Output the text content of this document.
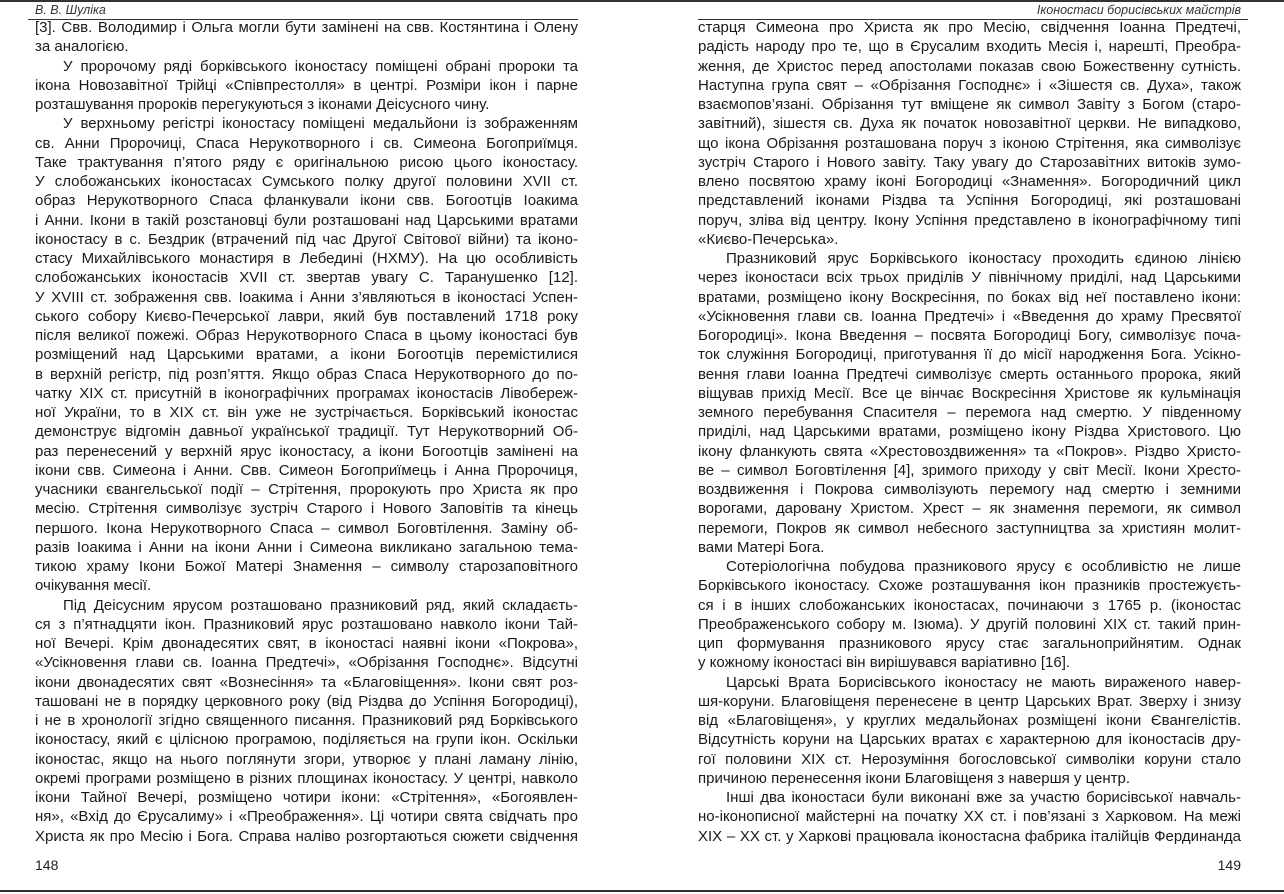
В. В. Шуліка
[3]. Свв. Володимир і Ольга могли бути замінені на свв. Костянтина і Олену
за аналогією.
У пророчому ряді борківського іконостасу поміщені обрані пророки та
ікона Новозавітної Трійці «Співпрестолля» в центрі. Розміри ікон і парне
розташування пророків перегукуються з іконами Деісусного чину.
У верхньому регістрі іконостасу поміщені медальйони із зображенням
св. Анни Пророчиці, Спаса Нерукотворного і св. Симеона Богоприїмця.
Таке трактування п’ятого ряду є оригінальною рисою цього іконостасу.
У слобожанських іконостасах Сумського полку другої половини XVII ст.
образ Нерукотворного Спаса фланкували ікони свв. Богоотців Іоакима
і Анни. Ікони в такій розстановці були розташовані над Царськими вратами
іконостасу в с. Бездрик (втрачений під час Другої Світової війни) та іконо-
стасу Михайлівського монастиря в Лебедині (НХМУ). На цю особливість
слобожанських іконостасів XVII ст. звертав увагу С. Таранушенко [12].
У XVIII ст. зображення свв. Іоакима і Анни з’являються в іконостасі Успен-
ського собору Києво-Печерської лаври, який був поставлений 1718 року
після великої пожежі. Образ Нерукотворного Спаса в цьому іконостасі був
розміщений над Царськими вратами, а ікони Богоотців перемістилися
в верхній регістр, під розп’яття. Якщо образ Спаса Нерукотворного до по-
чатку XIX ст. присутній в іконографічних програмах іконостасів Лівобереж-
ної України, то в XIX ст. він уже не зустрічається. Борківський іконостас
демонструє відгомін давньої української традиції. Тут Нерукотворний Об-
раз перенесений у верхній ярус іконостасу, а ікони Богоотців замінені на
ікони свв. Симеона і Анни. Свв. Симеон Богоприїмець і Анна Пророчиця,
учасники євангельської події – Стрітення, пророкують про Христа як про
месію. Стрітення символізує зустріч Старого і Нового Заповітів та кінець
першого. Ікона Нерукотворного Спаса – символ Боговтілення. Заміну об-
разів Іоакима і Анни на ікони Анни і Симеона викликано загальною тема-
тикою храму Ікони Божої Матері Знамення – символу старозаповітного
очікування месії.
Під Деісусним ярусом розташовано празниковий ряд, який складаєть-
ся з п’ятнадцяти ікон. Празниковий ярус розташовано навколо ікони Тай-
ної Вечері. Крім двонадесятих свят, в іконостасі наявні ікони «Покрова»,
«Усікновення глави св. Іоанна Предтечі», «Обрізання Господнє». Відсутні
ікони двонадесятих свят «Вознесіння» та «Благовіщення». Ікони свят роз-
ташовані не в порядку церковного року (від Різдва до Успіння Богородиці),
і не в хронології згідно священного писання. Празниковий ряд Борківського
іконостасу, який є цілісною програмою, поділяється на групи ікон. Оскільки
іконостас, якщо на нього поглянути згори, утворює у плані ламану лінію,
окремі програми розміщено в різних площинах іконостасу. У центрі, навколо
ікони Тайної Вечері, розміщено чотири ікони: «Стрітення», «Богоявлен-
ня», «Вхід до Єрусалиму» і «Преображення». Ці чотири свята свідчать про
Христа як про Месію і Бога. Справа наліво розгортаються сюжети свідчення
148
Іконостаси борисівських майстрів
старця Симеона про Христа як про Месію, свідчення Іоанна Предтечі,
радість народу про те, що в Єрусалим входить Месія і, нарешті, Преобра-
ження, де Христос перед апостолами показав свою Божественну сутність.
Наступна група свят – «Обрізання Господнє» і «Зішестя св. Духа», також
взаємопов’язані. Обрізання тут вміщене як символ Завіту з Богом (старо-
завітний), зішестя св. Духа як початок новозавітної церкви. Не випадково,
що ікона Обрізання розташована поруч з іконою Стрітення, яка символізує
зустріч Старого і Нового завіту. Таку увагу до Старозавітних витоків зумо-
влено посвятою храму іконі Богородиці «Знамення». Богородичний цикл
представлений іконами Різдва та Успіння Богородиці, які розташовані
поруч, зліва від центру. Ікону Успіння представлено в іконографічному типі
«Києво-Печерська».
Празниковий ярус Борківського іконостасу проходить єдиною лінією
через іконостаси всіх трьох приділів У північному приділі, над Царськими
вратами, розміщено ікону Воскресіння, по боках від неї поставлено ікони:
«Усікновення глави св. Іоанна Предтечі» і «Введення до храму Пресвятої
Богородиці». Ікона Введення – посвята Богородиці Богу, символізує поча-
ток служіння Богородиці, приготування її до місії народження Бога. Усікно-
вення глави Іоанна Предтечі символізує смерть останнього пророка, який
віщував прихід Месії. Все це вінчає Воскресіння Христове як кульмінація
земного перебування Спасителя – перемога над смертю. У південному
приділі, над Царськими вратами, розміщено ікону Різдва Христового. Цю
ікону фланкують свята «Хрестовоздвиження» та «Покров». Різдво Христо-
ве – символ Боговтілення [4], зримого приходу у світ Месії. Ікони Хресто-
воздвиження і Покрова символізують перемогу над смертю і земними
ворогами, даровану Христом. Хрест – як знамення перемоги, як символ
перемоги, Покров як символ небесного заступництва за християн молит-
вами Матері Бога.
Сотеріологічна побудова празникового ярусу є особливістю не лише
Борківського іконостасу. Схоже розташування ікон празників простежуєть-
ся і в інших слобожанських іконостасах, починаючи з 1765 р. (іконостас
Преображенського собору м. Ізюма). У другій половині XIX ст. такий прин-
цип формування празникового ярусу стає загальноприйнятим. Однак
у кожному іконостасі він вирішувався варіативно [16].
Царські Врата Борисівського іконостасу не мають вираженого навер-
шя-коруни. Благовіщеня перенесене в центр Царських Врат. Зверху і знизу
від «Благовіщеня», у круглих медальйонах розміщені ікони Євангелістів.
Відсутність коруни на Царських вратах є характерною для іконостасів дру-
гої половини XIX ст. Нерозуміння богословської символіки коруни стало
причиною перенесення ікони Благовіщеня з навершя у центр.
Інші два іконостаси були виконані вже за участю борисівської навчаль-
но-іконописної майстерні на початку XX ст. і пов’язані з Харковом. На межі
XIX – XX ст. у Харкові працювала іконостасна фабрика італійців Фердинанда
149
